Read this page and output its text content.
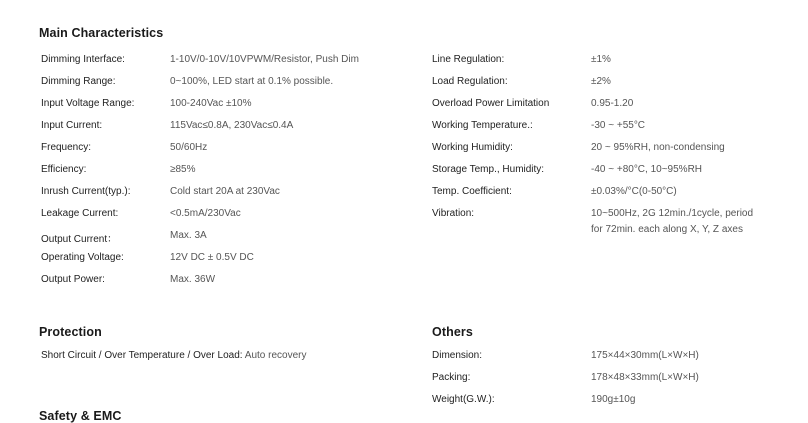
Main Characteristics
Dimming Interface:	1-10V/0-10V/10VPWM/Resistor, Push Dim
Dimming Range:	0~100%, LED start at 0.1% possible.
Input Voltage Range:	100-240Vac ±10%
Input Current:	115Vac≤0.8A, 230Vac≤0.4A
Frequency:	50/60Hz
Efficiency:	≥85%
Inrush Current(typ.):	Cold start 20A at 230Vac
Leakage Current:	<0.5mA/230Vac
Output Current：	Max. 3A
Operating Voltage:	12V DC ± 0.5V DC
Output Power:	Max. 36W
Line Regulation:	±1%
Load Regulation:	±2%
Overload Power Limitation	0.95-1.20
Working Temperature.:	-30 ~ +55°C
Working Humidity:	20 ~ 95%RH, non-condensing
Storage Temp., Humidity:	-40 ~ +80°C, 10~95%RH
Temp. Coefficient:	±0.03%/°C(0-50°C)
Vibration:	10~500Hz, 2G 12min./1cycle, period
for 72min. each along X, Y, Z axes
Protection
Short Circuit / Over Temperature / Over Load: Auto recovery
Others
Dimension:	175×44×30mm(L×W×H)
Packing:	178×48×33mm(L×W×H)
Weight(G.W.):	190g±10g
Safety & EMC
